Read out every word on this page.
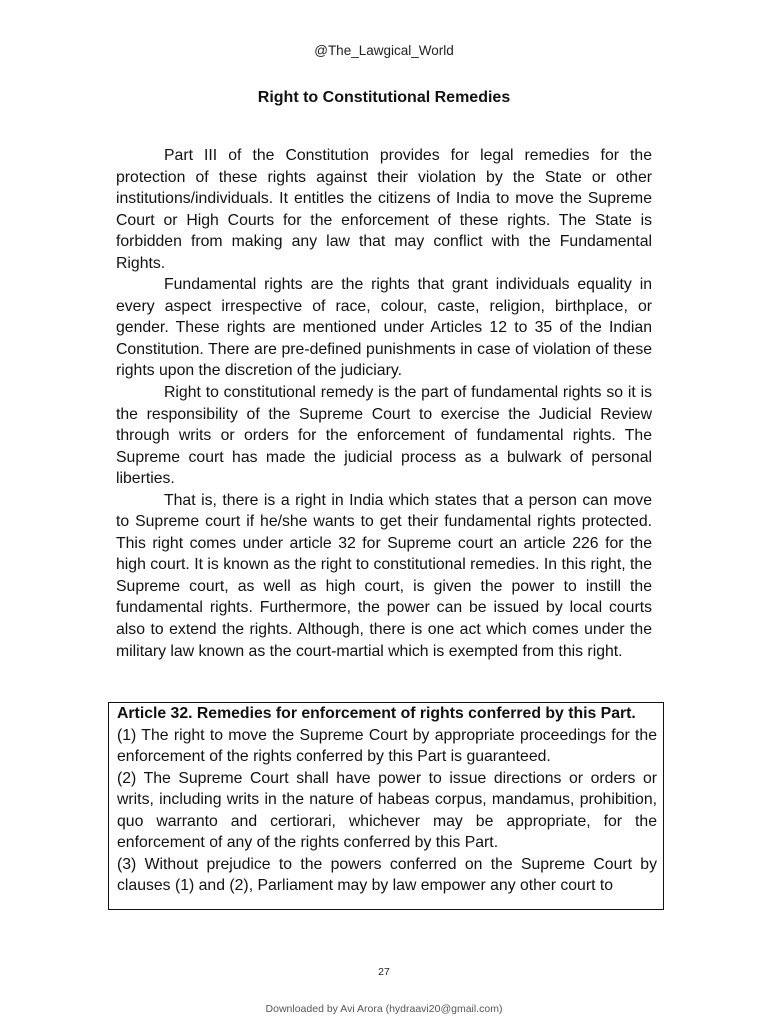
@The_Lawgical_World
Right to Constitutional Remedies

Part III of the Constitution provides for legal remedies for the protection of these rights against their violation by the State or other institutions/individuals. It entitles the citizens of India to move the Supreme Court or High Courts for the enforcement of these rights. The State is forbidden from making any law that may conflict with the Fundamental Rights.

Fundamental rights are the rights that grant individuals equality in every aspect irrespective of race, colour, caste, religion, birthplace, or gender. These rights are mentioned under Articles 12 to 35 of the Indian Constitution. There are pre-defined punishments in case of violation of these rights upon the discretion of the judiciary.

Right to constitutional remedy is the part of fundamental rights so it is the responsibility of the Supreme Court to exercise the Judicial Review through writs or orders for the enforcement of fundamental rights. The Supreme court has made the judicial process as a bulwark of personal liberties.

That is, there is a right in India which states that a person can move to Supreme court if he/she wants to get their fundamental rights protected. This right comes under article 32 for Supreme court an article 226 for the high court. It is known as the right to constitutional remedies. In this right, the Supreme court, as well as high court, is given the power to instill the fundamental rights. Furthermore, the power can be issued by local courts also to extend the rights. Although, there is one act which comes under the military law known as the court-martial which is exempted from this right.

Article 32. Remedies for enforcement of rights conferred by this Part.

(1) The right to move the Supreme Court by appropriate proceedings for the enforcement of the rights conferred by this Part is guaranteed.

(2) The Supreme Court shall have power to issue directions or orders or writs, including writs in the nature of habeas corpus, mandamus, prohibition, quo warranto and certiorari, whichever may be appropriate, for the enforcement of any of the rights conferred by this Part.

(3) Without prejudice to the powers conferred on the Supreme Court by clauses (1) and (2), Parliament may by law empower any other court to

27
Downloaded by Avi Arora (hydraavi20@gmail.com)
